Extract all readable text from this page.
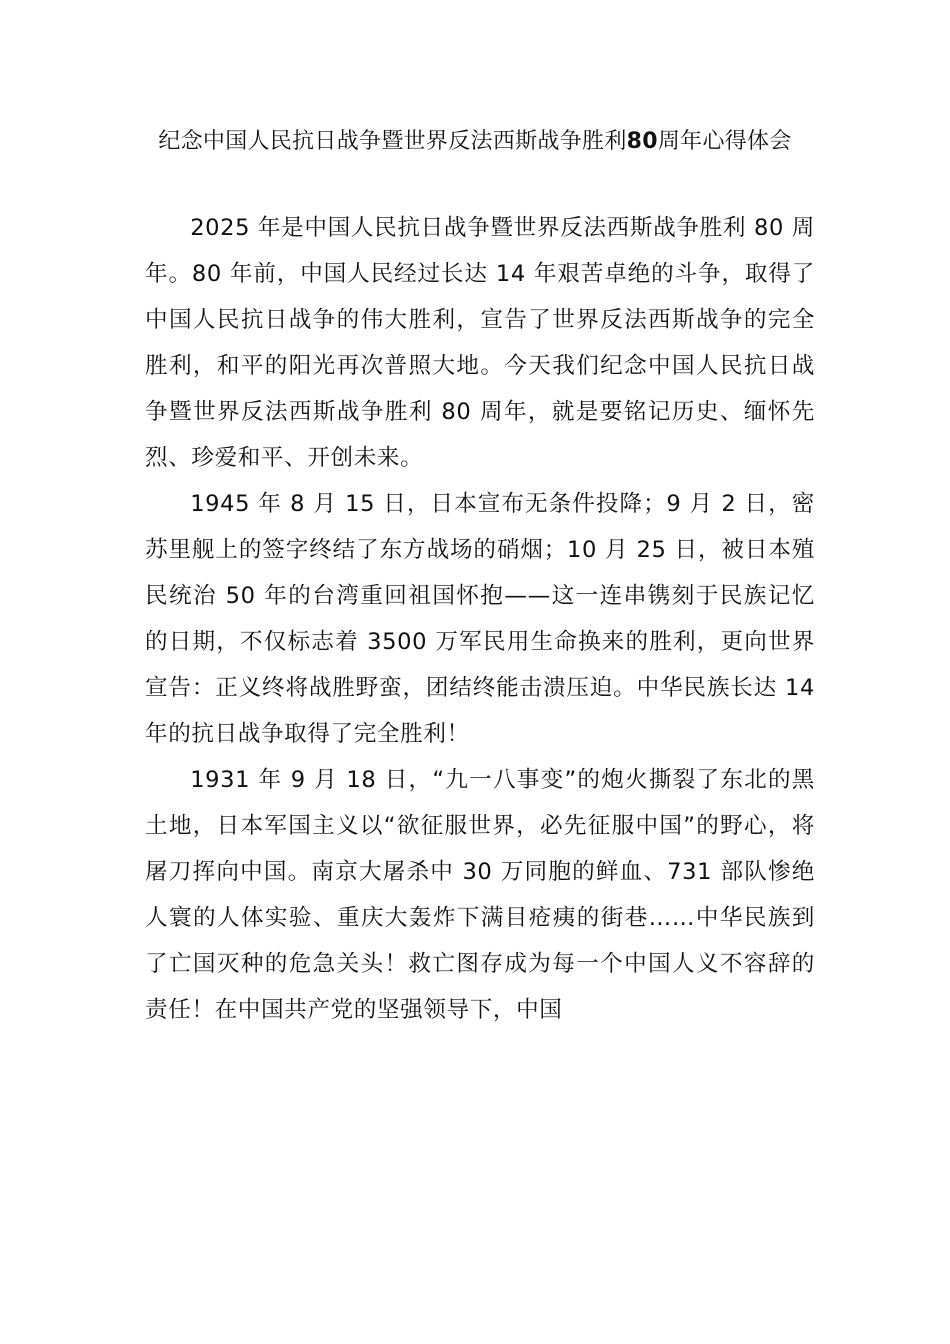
纪念中国人民抗日战争暨世界反法西斯战争胜利80周年心得体会

2025 年是中国人民抗日战争暨世界反法西斯战争胜利 80 周年。80 年前，中国人民经过长达 14 年艰苦卓绝的斗争，取得了中国人民抗日战争的伟大胜利，宣告了世界反法西斯战争的完全胜利，和平的阳光再次普照大地。今天我们纪念中国人民抗日战争暨世界反法西斯战争胜利 80 周年，就是要铭记历史、缅怀先烈、珍爱和平、开创未来。

1945 年 8 月 15 日，日本宣布无条件投降；9 月 2 日，密苏里舰上的签字终结了东方战场的硝烟；10 月 25 日，被日本殖民统治 50 年的台湾重回祖国怀抱——这一连串镌刻于民族记忆的日期，不仅标志着 3500 万军民用生命换来的胜利，更向世界宣告：正义终将战胜野蛮，团结终能击溃压迫。中华民族长达 14 年的抗日战争取得了完全胜利！

1931 年 9 月 18 日，“九一八事变”的炮火撕裂了东北的黑土地，日本军国主义以“欲征服世界，必先征服中国”的野心，将屠刀挥向中国。南京大屠杀中 30 万同胞的鲜血、731 部队惨绝人寰的人体实验、重庆大轰炸下满目疮痍的街巷……中华民族到了亡国灭种的危急关头！救亡图存成为每一个中国人义不容辞的责任！在中国共产党的坚强领导下，中国
